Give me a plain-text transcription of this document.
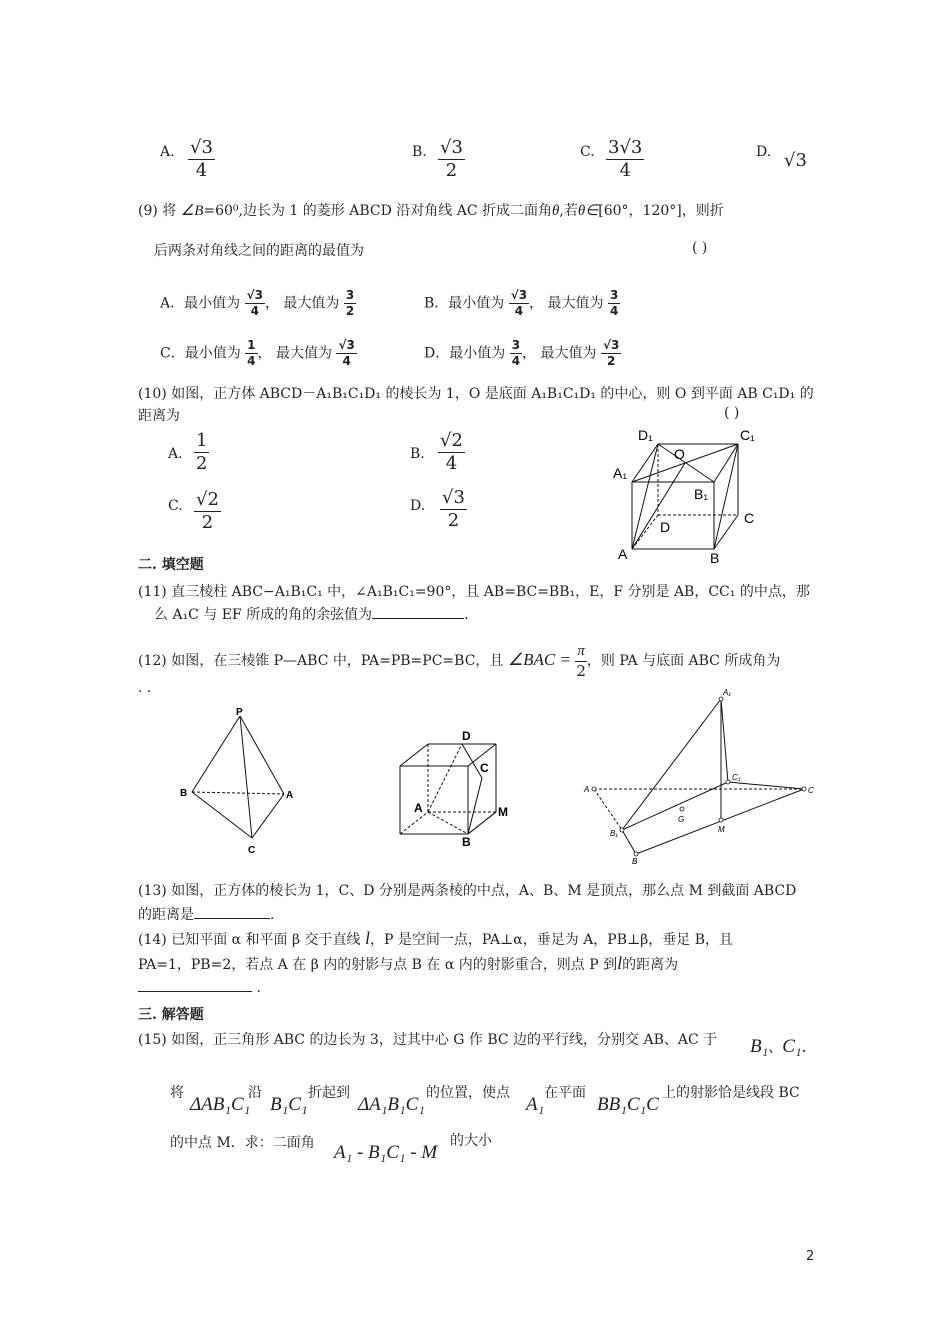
A. $\frac{√3}{4}$	B. $\frac{√3}{2}$	C. $\frac{3√3}{4}$	D. √3
(9) 将 ∠B=60⁰,边长为 1 的菱形 ABCD 沿对角线 AC 折成二面角θ,若θ∈[60°，120°]，则折
后两条对角线之间的距离的最值为	( )
A．最小值为 $\frac{√3}{4}$ ， 最大值为 $\frac{3}{2}$	B．最小值为 $\frac{√3}{4}$ ， 最大值为 $\frac{3}{4}$
C．最小值为 $\frac{1}{4}$ ， 最大值为 $\frac{√3}{4}$	D．最小值为 $\frac{3}{4}$ ， 最大值为 $\frac{√3}{2}$
(10) 如图，正方体 ABCD－A₁B₁C₁D₁ 的棱长为 1，O 是底面 A₁B₁C₁D₁ 的中心，则 O 到平面 AB C₁D₁ 的
距离为	( )
A. $\frac{1}{2}$	B. $\frac{√2}{4}$
C. $\frac{√2}{2}$	D. $\frac{√3}{2}$
D₁	C₁
O
A₁
B₁
D
C
A	B
二. 填空题
(11) 直三棱柱 ABC−A₁B₁C₁ 中，∠A₁B₁C₁=90°，且 AB=BC=BB₁，E，F 分别是 AB，CC₁ 的中点，那
么 A₁C 与 EF 所成的角的余弦值为	.
(12) 如图，在三棱锥 P—ABC 中，PA=PB=PC=BC，且 ∠BAC = $\frac{\pi}{2}$ ，则 PA 与底面 ABC 所成角为
. .
P
B	A
C
D
C
A
B
M
A₁
C₁
A	C
G
B₁	M
B
(13) 如图，正方体的棱长为 1，C、D 分别是两条棱的中点，A、B、M 是顶点，那么点 M 到截面 ABCD
的距离是	.
(14) 已知平面 α 和平面 β 交于直线 l，P 是空间一点，PA⊥α，垂足为 A，PB⊥β，垂足 B，且
PA=1，PB=2，若点 A 在 β 内的射影与点 B 在 α 内的射影重合，则点 P 到l的距离为
.
三. 解答题
(15) 如图，正三角形 ABC 的边长为 3，过其中心 G 作 BC 边的平行线，分别交 AB、AC 于 B₁、C₁.
将
ΔAB₁C₁
沿
B₁C₁
折起到
ΔA₁B₁C₁
的位置，使点
A₁
在平面
BB₁C₁C
上的射影恰是线段 BC
的中点 M．求：二面角 A₁ - B₁C₁ - M
的大小
2
